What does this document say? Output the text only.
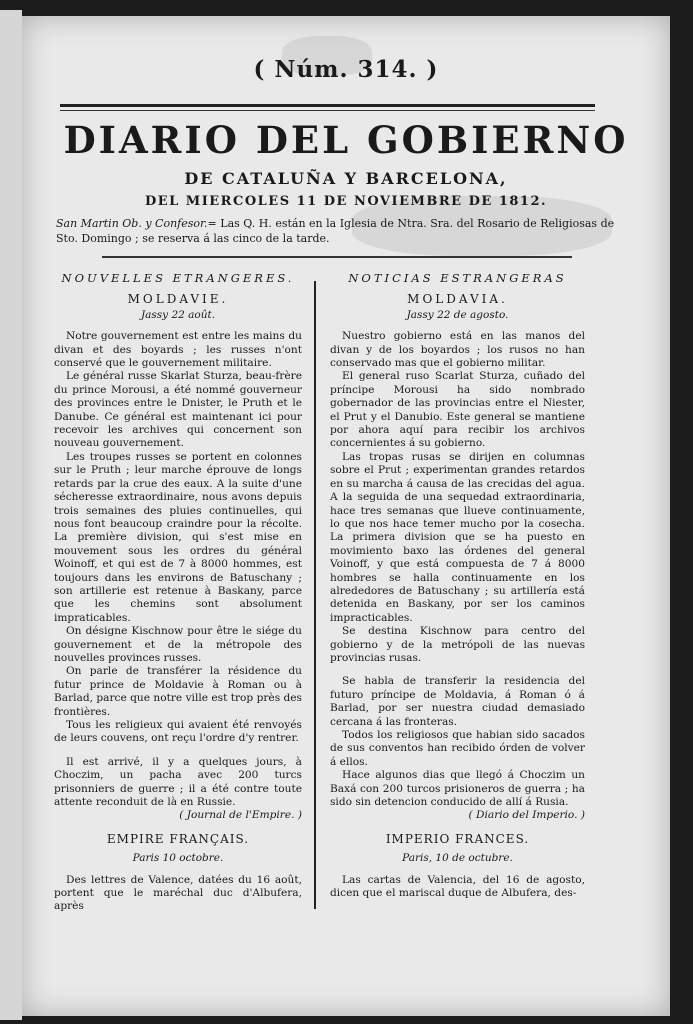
( Núm. 314. )
DIARIO DEL GOBIERNO
DE CATALUÑA Y BARCELONA,
DEL MIERCOLES 11 DE NOVIEMBRE DE 1812.
San Martin Ob. y Confesor.= Las Q. H. están en la Iglesia de Ntra. Sra. del Rosario de Religiosas de Sto. Domingo ; se reserva á las cinco de la tarde.
NOUVELLES ETRANGERES.
MOLDAVIE.
Jassy 22 août.

Notre gouvernement est entre les mains du divan et des boyards ; les russes n'ont conservé que le gouvernement militaire.

Le général russe Skarlat Sturza, beau-frère du prince Morousi, a été nommé gouverneur des provinces entre le Dnister, le Pruth et le Danube. Ce général est maintenant ici pour recevoir les archives qui concernent son nouveau gouvernement.

Les troupes russes se portent en colonnes sur le Pruth ; leur marche éprouve de longs retards par la crue des eaux. A la suite d'une sécheresse extraordinaire, nous avons depuis trois semaines des pluies continuelles, qui nous font beaucoup craindre pour la récolte. La première division, qui s'est mise en mouvement sous les ordres du général Woinoff, et qui est de 7 à 8000 hommes, est toujours dans les environs de Batuschany ; son artillerie est retenue à Baskany, parce que les chemins sont absolument impraticables.

On désigne Kischnow pour être le siége du gouvernement et de la métropole des nouvelles provinces russes.

On parle de transférer la résidence du futur prince de Moldavie à Roman ou à Barlad, parce que notre ville est trop près des frontières.

Tous les religieux qui avaient été renvoyés de leurs couvens, ont reçu l'ordre d'y rentrer.

Il est arrivé, il y a quelques jours, à Choczim, un pacha avec 200 turcs prisonniers de guerre ; il a été contre toute attente reconduit de là en Russie.

( Journal de l'Empire. )

EMPIRE FRANÇAIS.
Paris 10 octobre.

Des lettres de Valence, datées du 16 août, portent que le maréchal duc d'Albufera, après

NOTICIAS ESTRANGERAS
MOLDAVIA.
Jassy 22 de agosto.

Nuestro gobierno está en las manos del divan y de los boyardos ; los rusos no han conservado mas que el gobierno militar.

El general ruso Scarlat Sturza, cuñado del príncipe Morousi ha sido nombrado gobernador de las provincias entre el Niester, el Prut y el Danubio. Este general se mantiene por ahora aquí para recibir los archivos concernientes á su gobierno.

Las tropas rusas se dirijen en columnas sobre el Prut ; experimentan grandes retardos en su marcha á causa de las crecidas del agua. A la seguida de una sequedad extraordinaria, hace tres semanas que llueve continuamente, lo que nos hace temer mucho por la cosecha. La primera division que se ha puesto en movimiento baxo las órdenes del general Voinoff, y que está compuesta de 7 á 8000 hombres se halla continuamente en los alrededores de Batuschany ; su artillería está detenida en Baskany, por ser los caminos impracticables.

Se destina Kischnow para centro del gobierno y de la metrópoli de las nuevas provincias rusas.

Se habla de transferir la residencia del futuro príncipe de Moldavia, á Roman ó á Barlad, por ser nuestra ciudad demasiado cercana á las fronteras.

Todos los religiosos que habian sido sacados de sus conventos han recibido órden de volver á ellos.

Hace algunos dias que llegó á Choczim un Baxá con 200 turcos prisioneros de guerra ; ha sido sin detencion conducido de allí á Rusia.

( Diario del Imperio. )

IMPERIO FRANCES.
Paris, 10 de octubre.

Las cartas de Valencia, del 16 de agosto, dicen que el mariscal duque de Albufera, des-
